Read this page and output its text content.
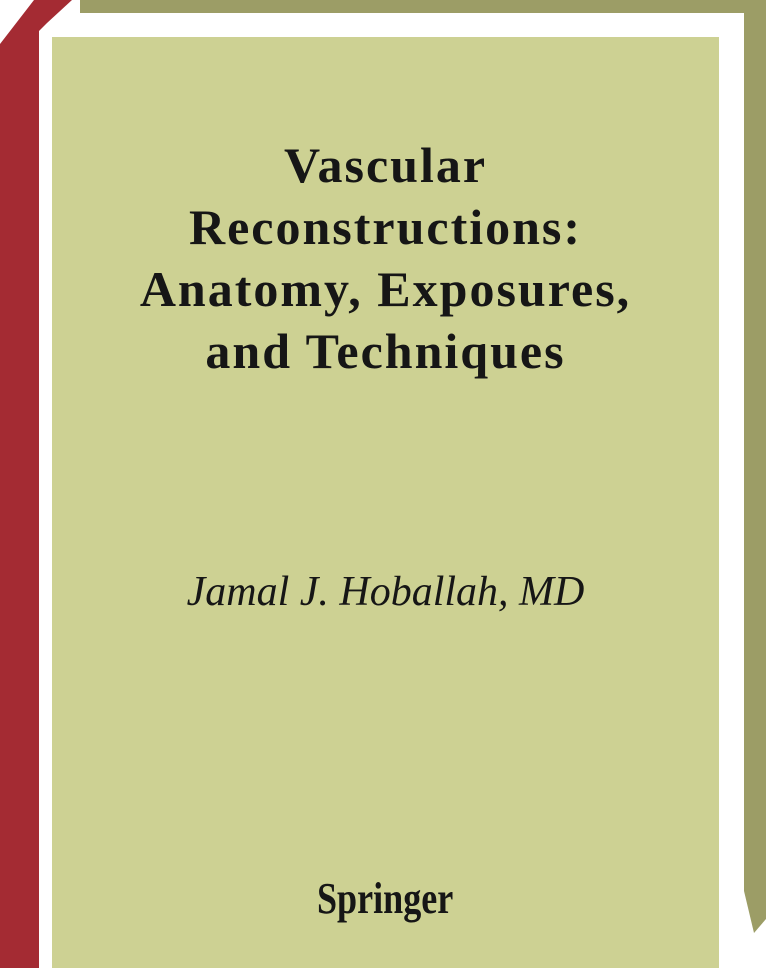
Vascular
Reconstructions:
Anatomy, Exposures,
and Techniques
Jamal J. Hoballah, MD
Springer
